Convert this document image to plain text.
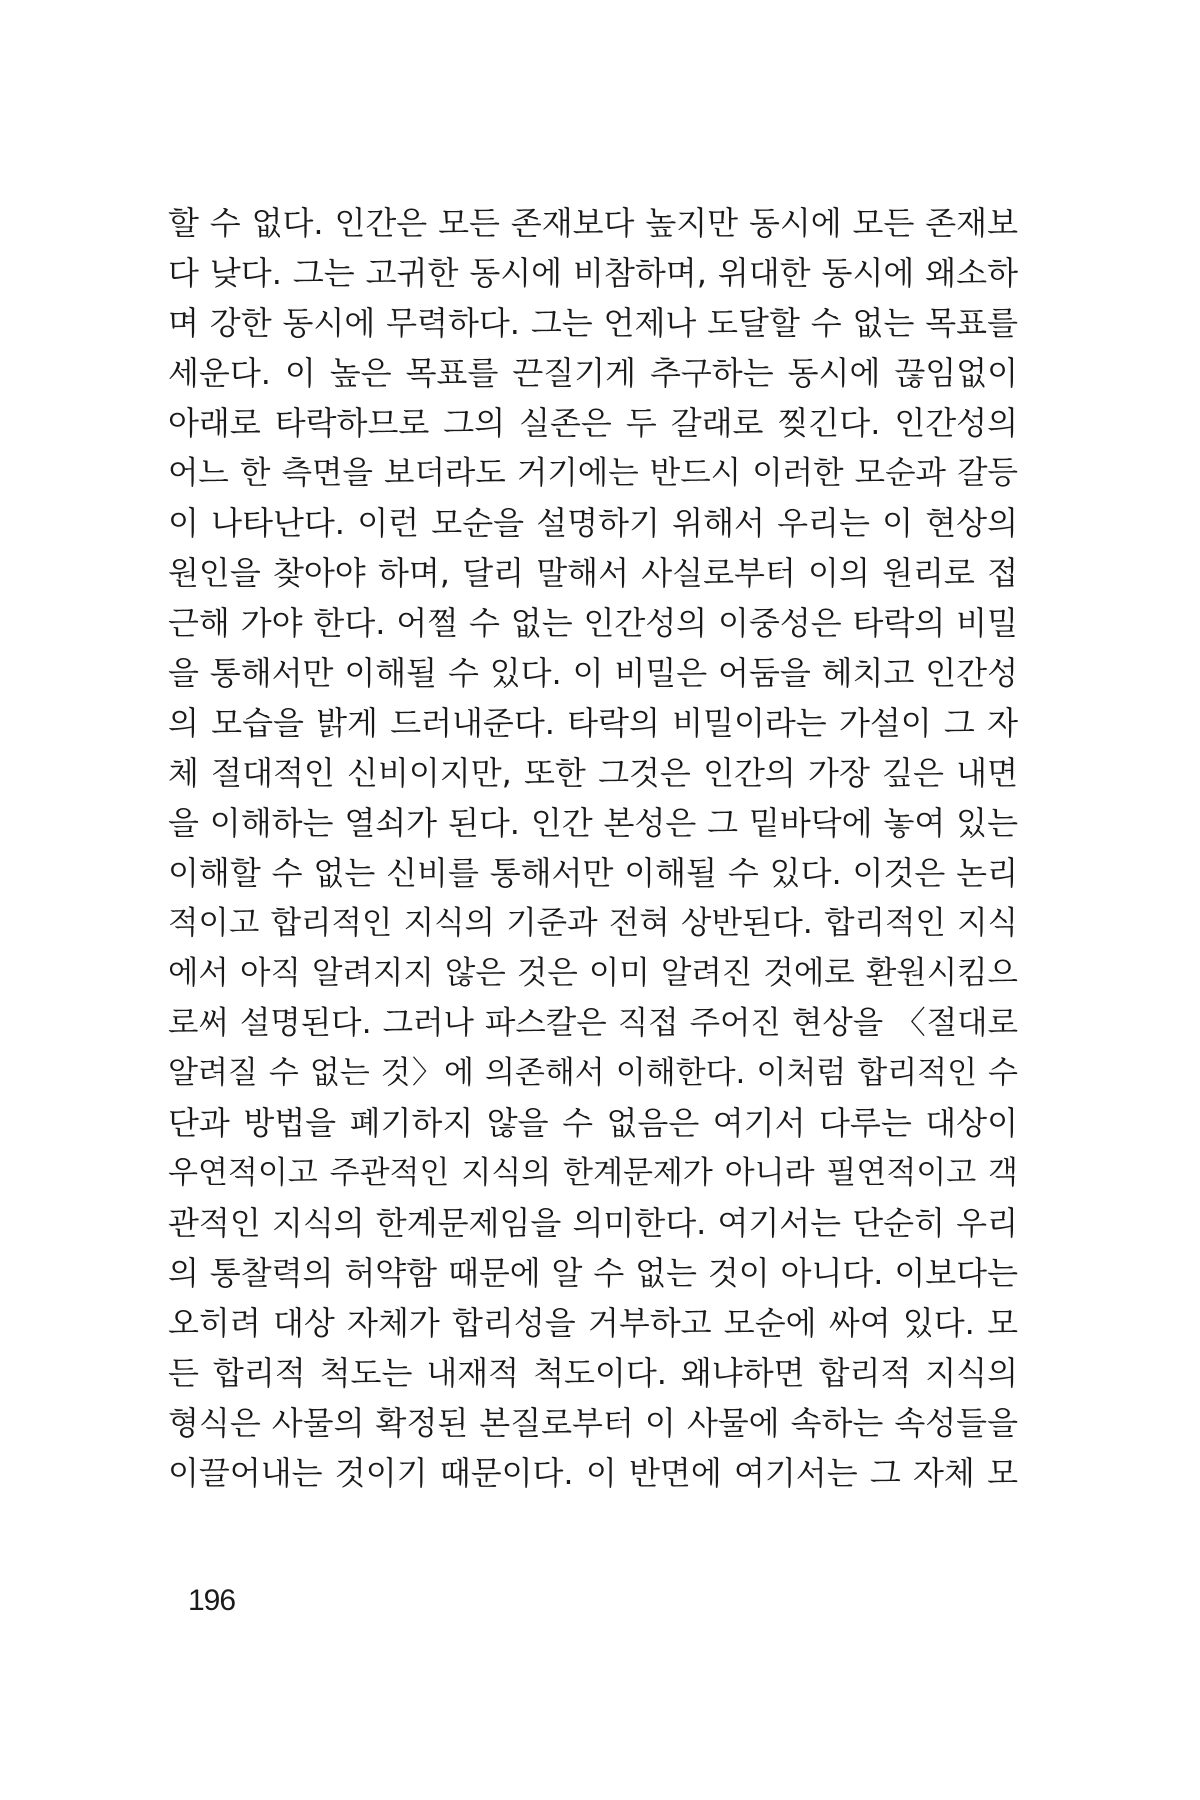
할 수 없다. 인간은 모든 존재보다 높지만 동시에 모든 존재보
다 낮다. 그는 고귀한 동시에 비참하며, 위대한 동시에 왜소하
며 강한 동시에 무력하다. 그는 언제나 도달할 수 없는 목표를
세운다. 이 높은 목표를 끈질기게 추구하는 동시에 끊임없이
아래로 타락하므로 그의 실존은 두 갈래로 찢긴다. 인간성의
어느 한 측면을 보더라도 거기에는 반드시 이러한 모순과 갈등
이 나타난다. 이런 모순을 설명하기 위해서 우리는 이 현상의
원인을 찾아야 하며, 달리 말해서 사실로부터 이의 원리로 접
근해 가야 한다. 어쩔 수 없는 인간성의 이중성은 타락의 비밀
을 통해서만 이해될 수 있다. 이 비밀은 어둠을 헤치고 인간성
의 모습을 밝게 드러내준다. 타락의 비밀이라는 가설이 그 자
체 절대적인 신비이지만, 또한 그것은 인간의 가장 깊은 내면
을 이해하는 열쇠가 된다. 인간 본성은 그 밑바닥에 놓여 있는
이해할 수 없는 신비를 통해서만 이해될 수 있다. 이것은 논리
적이고 합리적인 지식의 기준과 전혀 상반된다. 합리적인 지식
에서 아직 알려지지 않은 것은 이미 알려진 것에로 환원시킴으
로써 설명된다. 그러나 파스칼은 직접 주어진 현상을 〈절대로
알려질 수 없는 것〉에 의존해서 이해한다. 이처럼 합리적인 수
단과 방법을 폐기하지 않을 수 없음은 여기서 다루는 대상이
우연적이고 주관적인 지식의 한계문제가 아니라 필연적이고 객
관적인 지식의 한계문제임을 의미한다. 여기서는 단순히 우리
의 통찰력의 허약함 때문에 알 수 없는 것이 아니다. 이보다는
오히려 대상 자체가 합리성을 거부하고 모순에 싸여 있다. 모
든 합리적 척도는 내재적 척도이다. 왜냐하면 합리적 지식의
형식은 사물의 확정된 본질로부터 이 사물에 속하는 속성들을
이끌어내는 것이기 때문이다. 이 반면에 여기서는 그 자체 모
196
